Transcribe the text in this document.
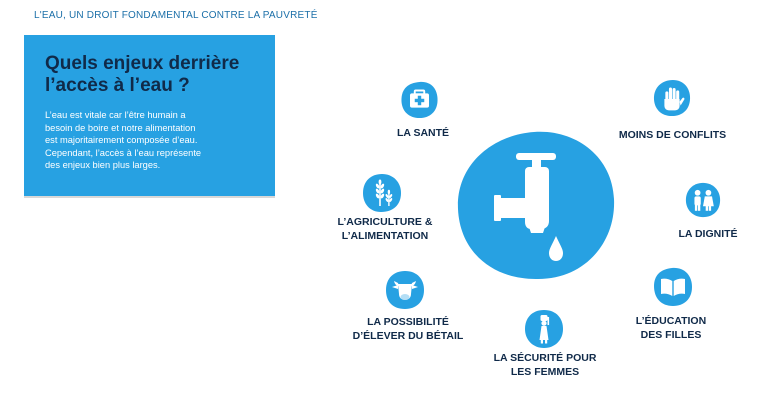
L'EAU, UN DROIT FONDAMENTAL CONTRE LA PAUVRETÉ
Quels enjeux derrière
l’accès à l’eau ?

L’eau est vitale car l’être humain a
besoin de boire et notre alimentation
est majoritairement composée d’eau.
Cependant, l’accès à l’eau représente
des enjeux bien plus larges.

LA SANTÉ	MOINS DE CONFLITS
LA DIGNITÉ
L’ÉDUCATION
DES FILLES
LA SÉCURITÉ POUR
LES FEMMES
LA POSSIBILITÉ
D’ÉLEVER DU BÉTAIL
L’AGRICULTURE &
L’ALIMENTATION
